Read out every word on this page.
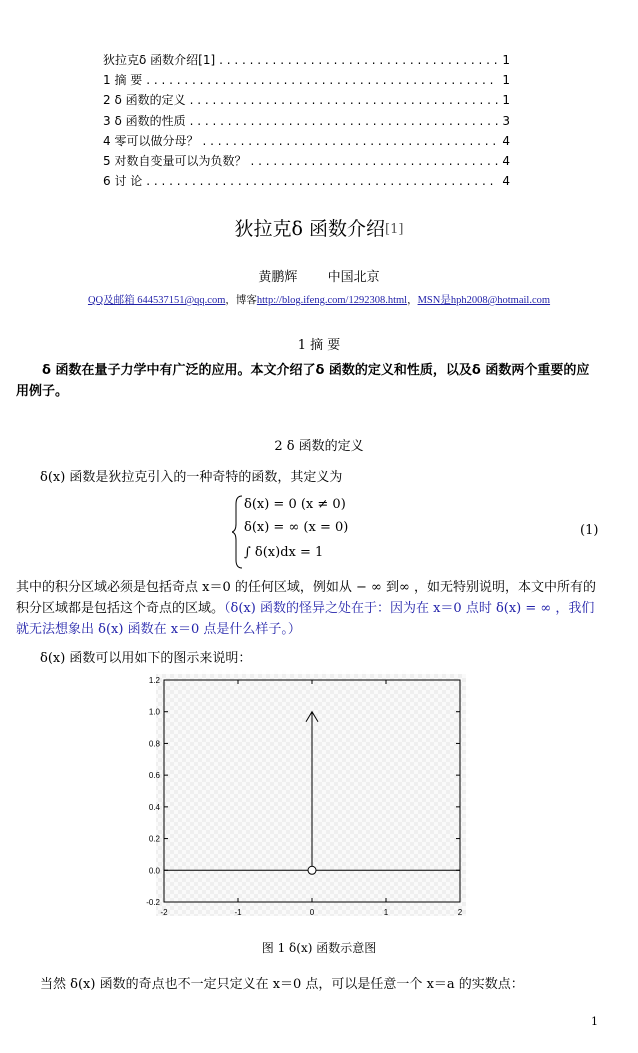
狄拉克δ 函数介绍[1] . . .	1
1 摘 要 . . .	1
2 δ 函数的定义 . . .	1
3 δ 函数的性质 . . .	3
4 零可以做分母？ . . .	4
5 对数自变量可以为负数？ . . .	4
6 讨 论 . . .	4
狄拉克δ 函数介绍[1]
黄鹏辉 中国北京
QQ及邮箱 644537151@qq.com，博客http://blog.ifeng.com/1292308.html，MSN是hph2008@hotmail.com
1 摘 要
δ 函数在量子力学中有广泛的应用。本文介绍了δ 函数的定义和性质，以及δ 函数两个重要的应用例子。
2 δ 函数的定义
δ(x) 函数是狄拉克引入的一种奇特的函数，其定义为
δ(x) = 0 (x ≠ 0)
δ(x) = ∞ (x = 0)
∫ δ(x)dx = 1
(1)
其中的积分区域必须是包括奇点 x＝0 的任何区域，例如从 − ∞ 到∞ ，如无特别说明，本文中所有的积分区域都是包括这个奇点的区域。（δ(x) 函数的怪异之处在于：因为在 x＝0 点时 δ(x) = ∞ ，我们就无法想象出 δ(x) 函数在 x＝0 点是什么样子。）
δ(x) 函数可以用如下的图示来说明：
-0.2
0.0
0.2
0.4
0.6
0.8
1.0
1.2
-2	-1	0	1	2
图 1 δ(x) 函数示意图
当然 δ(x) 函数的奇点也不一定只定义在 x＝0 点，可以是任意一个 x＝a 的实数点：
1
